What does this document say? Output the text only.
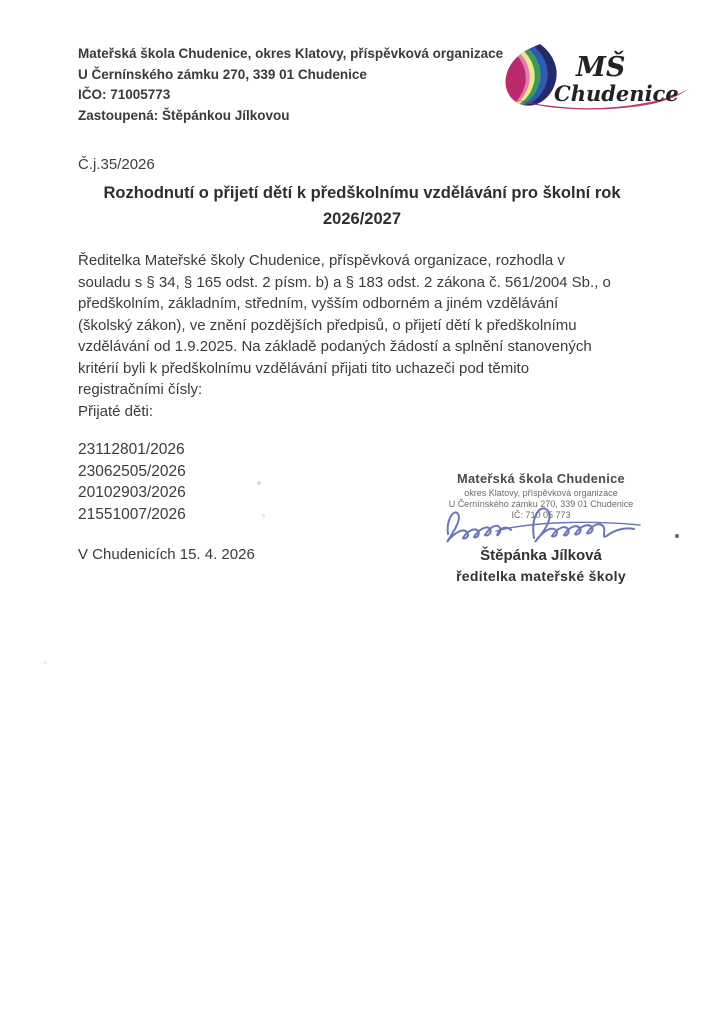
Mateřská škola Chudenice, okres Klatovy, příspěvková organizace
U Černínského zámku 270, 339 01 Chudenice
IČO: 71005773
Zastoupená: Štěpánkou Jílkovou
MŠ
Chudenice
Č.j.35/2026
Rozhodnutí o přijetí dětí k předškolnímu vzdělávání pro školní rok
2026/2027
Ředitelka Mateřské školy Chudenice, příspěvková organizace, rozhodla v
souladu s § 34, § 165 odst. 2 písm. b) a § 183 odst. 2 zákona č. 561/2004 Sb., o
předškolním, základním, středním, vyšším odborném a jiném vzdělávání
(školský zákon), ve znění pozdějších předpisů, o přijetí dětí k předškolnímu
vzdělávání od 1.9.2025. Na základě podaných žádostí a splnění stanovených
kritérií byli k předškolnímu vzdělávání přijati tito uchazeči pod těmito
registračními čísly:
Přijaté děti:
23112801/2026
23062505/2026
20102903/2026
21551007/2026
V Chudenicích 15. 4. 2026
Mateřská škola Chudenice
okres Klatovy, příspěvková organizace
U Černínského zámku 270, 339 01 Chudenice
IČ: 710 05 773
Štěpánka Jílková
ředitelka mateřské školy
